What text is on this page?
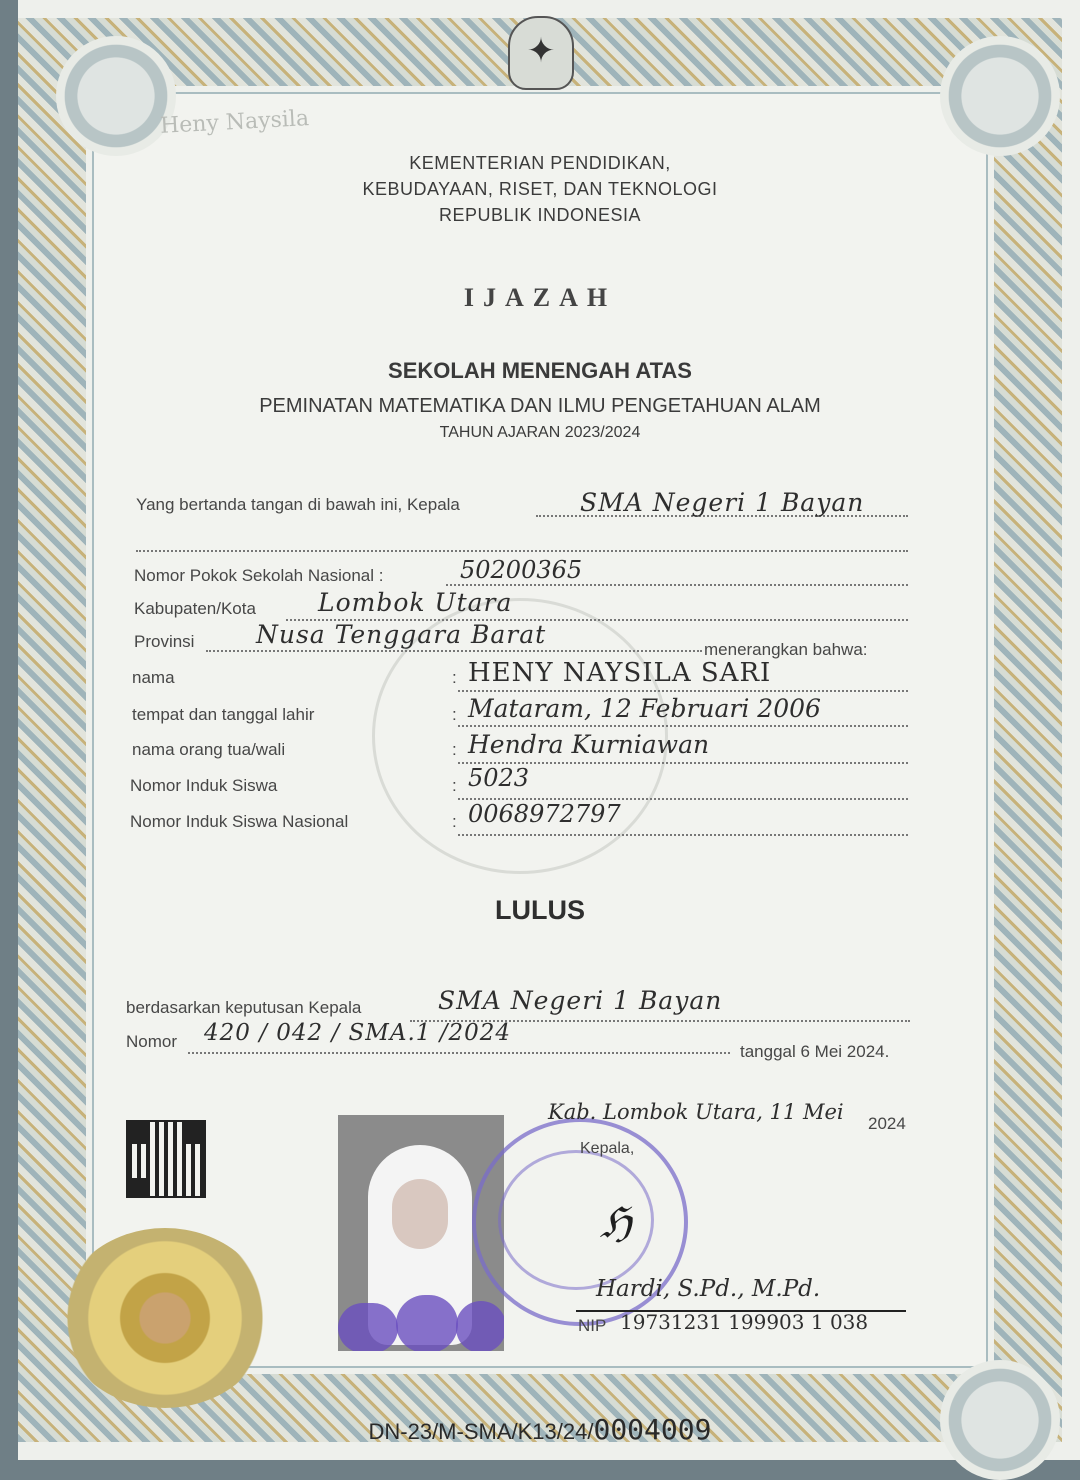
✦
Heny Naysila
KEMENTERIAN PENDIDIKAN,
KEBUDAYAAN, RISET, DAN TEKNOLOGI
REPUBLIK INDONESIA
IJAZAH
SEKOLAH MENENGAH ATAS
PEMINATAN MATEMATIKA DAN ILMU PENGETAHUAN ALAM
TAHUN AJARAN 2023/2024
Yang bertanda tangan di bawah ini, Kepala	SMA Negeri 1 Bayan
Nomor Pokok Sekolah Nasional :	50200365
Kabupaten/Kota Lombok Utara
Provinsi Nusa Tenggara Barat
menerangkan bahwa:
nama	: HENY NAYSILA SARI
tempat dan tanggal lahir	: Mataram, 12 Februari 2006
nama orang tua/wali	: Hendra Kurniawan
Nomor Induk Siswa	: 5023
Nomor Induk Siswa Nasional	: 0068972797
LULUS
berdasarkan keputusan Kepala	SMA Negeri 1 Bayan
Nomor 420 / 042 / SMA.1 /2024
tanggal 6 Mei 2024.
Kab. Lombok Utara, 11 Mei 2024
Kepala,
ℌ
Hardi, S.Pd., M.Pd.
NIP 19731231 199903 1 038
DN-23/M-SMA/K13/24/0004009
